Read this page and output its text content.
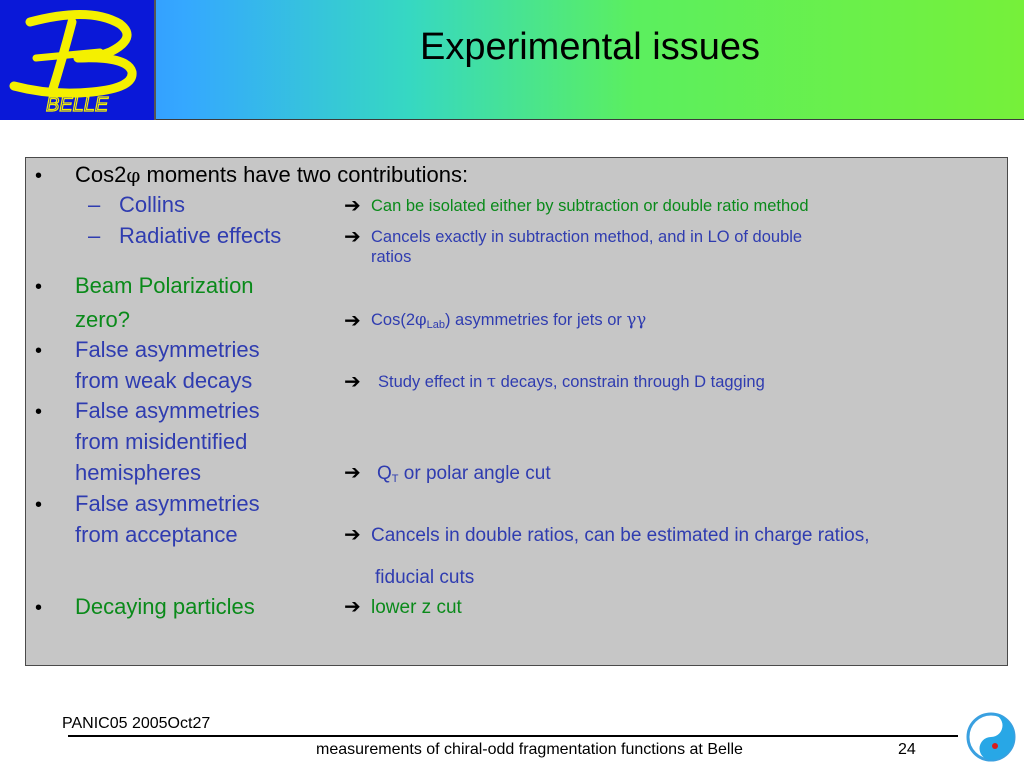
BELLE
Experimental issues
• Cos2φ moments have two contributions:
– Collins	➔ Can be isolated either by subtraction or double ratio method
– Radiative effects	➔ Cancels exactly in subtraction method, and in LO of double
ratios
• Beam Polarization
zero?	➔ $Cos(2\varphi_{Lab})$ asymmetries for jets or γγ
• False asymmetries
from weak decays	➔ Study effect in τ decays, constrain through D tagging
• False asymmetries
from misidentified
hemispheres	➔ $Q_T$ or polar angle cut
• False asymmetries
from acceptance	➔ Cancels in double ratios, can be estimated in charge ratios,
fiducial cuts
• Decaying particles	➔ lower z cut
PANIC05 2005Oct27
measurements of chiral-odd fragmentation functions at Belle	24
